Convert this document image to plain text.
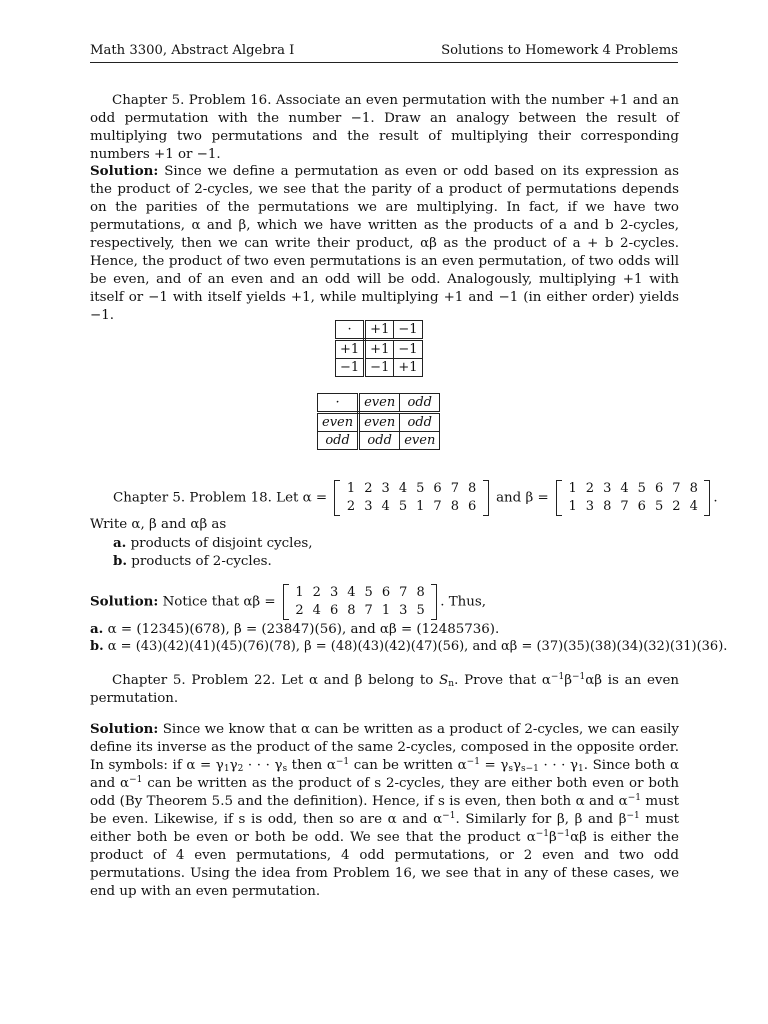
Math 3300, Abstract Algebra I	Solutions to Homework 4 Problems

Chapter 5. Problem 16. Associate an even permutation with the number +1 and an odd permutation with the number −1. Draw an analogy between the result of multiplying two permutations and the result of multiplying their corresponding numbers +1 or −1.

Solution: Since we define a permutation as even or odd based on its expression as the product of 2-cycles, we see that the parity of a product of permutations depends on the parities of the permutations we are multiplying. In fact, if we have two permutations, α and β, which we have written as the products of a and b 2-cycles, respectively, then we can write their product, αβ as the product of a + b 2-cycles. Hence, the product of two even permutations is an even permutation, of two odds will be even, and of an even and an odd will be odd. Analogously, multiplying +1 with itself or −1 with itself yields +1, while multiplying +1 and −1 (in either order) yields −1.

·	+1	−1
+1	+1	−1
−1	−1	+1
·	even	odd
even	even	odd
odd	odd	even
Chapter 5. Problem 18. Let α =
1 2 3 4 5 6 7 8
2 3 4 5 1 7 8 6
and β =
1 2 3 4 5 6 7 8
1 3 8 7 6 5 2 4
.

Write α, β and αβ as

a. products of disjoint cycles,
b. products of 2-cycles.
Solution: Notice that αβ =
1 2 3 4 5 6 7 8
2 4 6 8 7 1 3 5
. Thus,

a. α = (12345)(678), β = (23847)(56), and αβ = (12485736).

b. α = (43)(42)(41)(45)(76)(78), β = (48)(43)(42)(47)(56), and αβ = (37)(35)(38)(34)(32)(31)(36).

Chapter 5. Problem 22. Let α and β belong to $S_n$. Prove that $\alpha^{-1}\beta^{-1}\alpha\beta$ is an even permutation.

Solution: Since we know that α can be written as a product of 2-cycles, we can easily define its inverse as the product of the same 2-cycles, composed in the opposite order. In symbols: if $\alpha = \gamma_1\gamma_2$ · · · $\gamma_s$ then $\alpha^{-1}$ can be written $\alpha^{-1} = \gamma_s\gamma_{s-1}$ · · · $\gamma_1$. Since both α and $\alpha^{-1}$ can be written as the product of s 2-cycles, they are either both even or both odd (By Theorem 5.5 and the definition). Hence, if s is even, then both α and $\alpha^{-1}$ must be even. Likewise, if s is odd, then so are α and $\alpha^{-1}$. Similarly for β, β and $\beta^{-1}$ must either both be even or both be odd. We see that the product $\alpha^{-1}\beta^{-1}\alpha\beta$ is either the product of 4 even permutations, 4 odd permutations, or 2 even and two odd permutations. Using the idea from Problem 16, we see that in any of these cases, we end up with an even permutation.
